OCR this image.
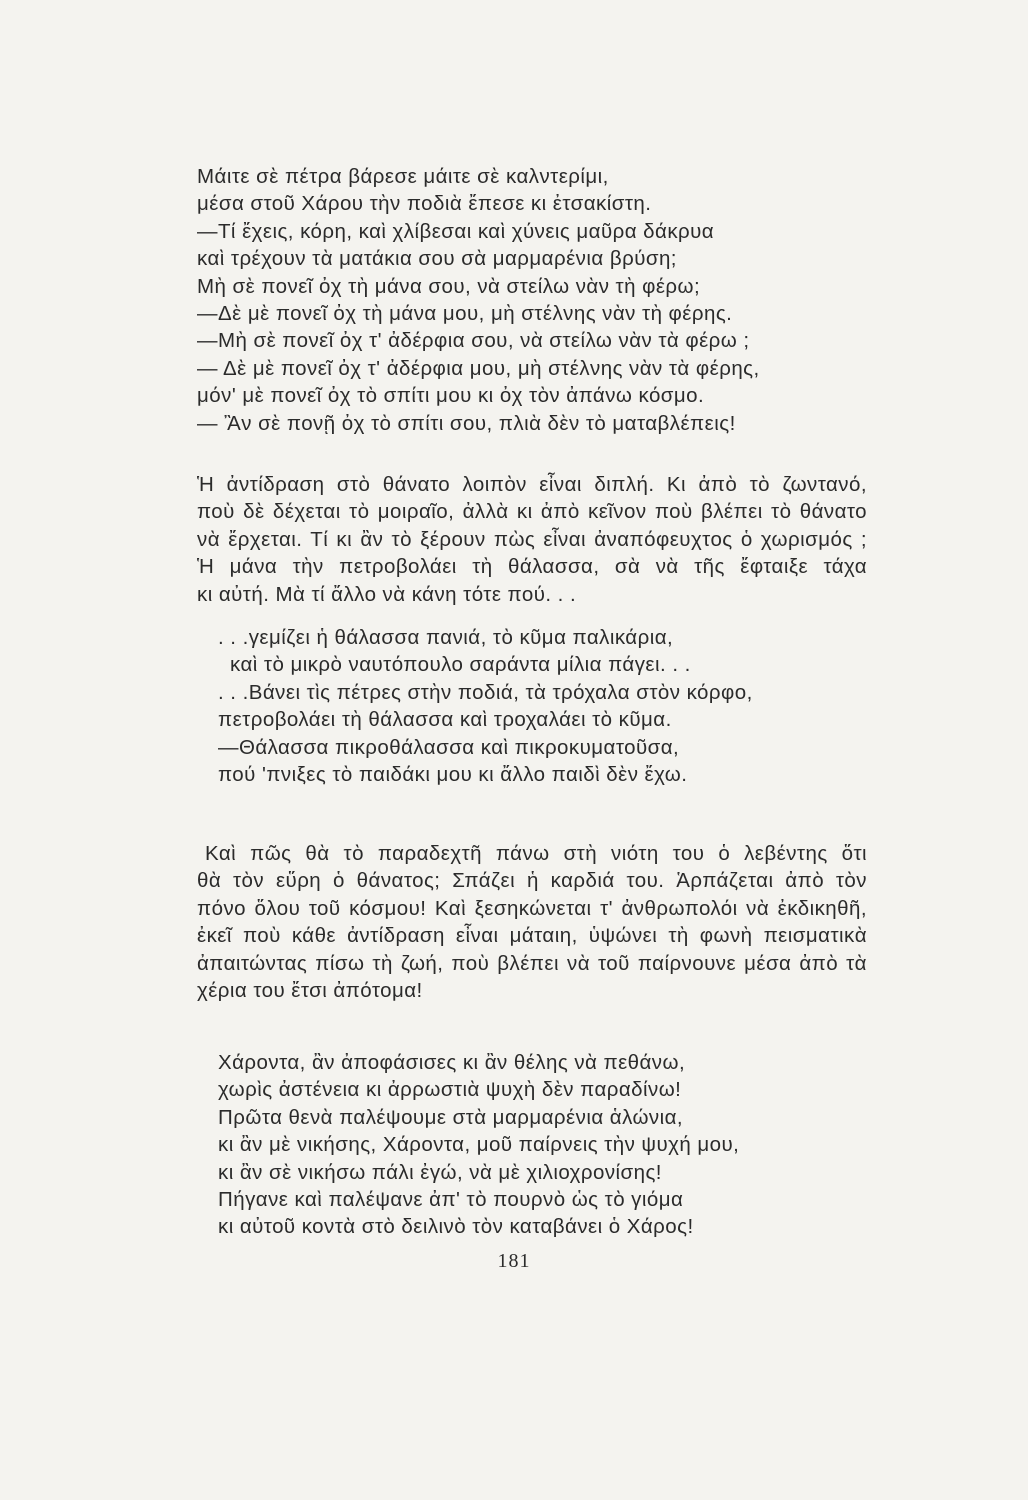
Μάιτε σὲ πέτρα βάρεσε μάιτε σὲ καλντερίμι,
μέσα στοῦ Χάρου τὴν ποδιὰ ἔπεσε κι ἐτσακίστη.
—Τί ἔχεις, κόρη, καὶ χλίβεσαι καὶ χύνεις μαῦρα δάκρυα
καὶ τρέχουν τὰ ματάκια σου σὰ μαρμαρένια βρύση;
Μὴ σὲ πονεῖ ὀχ τὴ μάνα σου, νὰ στείλω νὰν τὴ φέρω;
—Δὲ μὲ πονεῖ ὀχ τὴ μάνα μου, μὴ στέλνης νὰν τὴ φέρης.
—Μὴ σὲ πονεῖ ὀχ τ' ἀδέρφια σου, νὰ στείλω νὰν τὰ φέρω ;
— Δὲ μὲ πονεῖ ὀχ τ' ἀδέρφια μου, μὴ στέλνης νὰν τὰ φέρης,
μόν' μὲ πονεῖ ὀχ τὸ σπίτι μου κι ὀχ τὸν ἀπάνω κόσμο.
— Ἂν σὲ πονῇ ὀχ τὸ σπίτι σου, πλιὰ δὲν τὸ ματαβλέπεις!
Ἡ ἀντίδραση στὸ θάνατο λοιπὸν εἶναι διπλή. Κι ἀπὸ τὸ ζωντανό,
ποὺ δὲ δέχεται τὸ μοιραῖο, ἀλλὰ κι ἀπὸ κεῖνον ποὺ βλέπει τὸ θάνατο
νὰ ἔρχεται. Τί κι ἂν τὸ ξέρουν πὼς εἶναι ἀναπόφευχτος ὁ χωρισμός ;
Ἡ μάνα τὴν πετροβολάει τὴ θάλασσα, σὰ νὰ τῆς ἔφταιξε τάχα
κι αὐτή. Μὰ τί ἄλλο νὰ κάνη τότε πού. . .
. . .γεμίζει ἡ θάλασσα πανιά, τὸ κῦμα παλικάρια,
καὶ τὸ μικρὸ ναυτόπουλο σαράντα μίλια πάγει. . .
. . .Βάνει τὶς πέτρες στὴν ποδιά, τὰ τρόχαλα στὸν κόρφο,
πετροβολάει τὴ θάλασσα καὶ τροχαλάει τὸ κῦμα.
—Θάλασσα πικροθάλασσα καὶ πικροκυματοῦσα,
πού 'πνιξες τὸ παιδάκι μου κι ἄλλο παιδὶ δὲν ἔχω.
Καὶ πῶς θὰ τὸ παραδεχτῆ πάνω στὴ νιότη του ὁ λεβέντης ὅτι
θὰ τὸν εὕρη ὁ θάνατος; Σπάζει ἡ καρδιά του. Ἁρπάζεται ἀπὸ τὸν
πόνο ὅλου τοῦ κόσμου! Καὶ ξεσηκώνεται τ' ἀνθρωπολόι νὰ ἐκδικηθῆ,
ἐκεῖ ποὺ κάθε ἀντίδραση εἶναι μάταιη, ὑψώνει τὴ φωνὴ πεισματικὰ
ἀπαιτώντας πίσω τὴ ζωή, ποὺ βλέπει νὰ τοῦ παίρνουνε μέσα ἀπὸ τὰ
χέρια του ἔτσι ἀπότομα!
Χάροντα, ἂν ἀποφάσισες κι ἂν θέλης νὰ πεθάνω,
χωρὶς ἀστένεια κι ἀρρωστιὰ ψυχὴ δὲν παραδίνω!
Πρῶτα θενὰ παλέψουμε στὰ μαρμαρένια ἁλώνια,
κι ἂν μὲ νικήσης, Χάροντα, μοῦ παίρνεις τὴν ψυχή μου,
κι ἂν σὲ νικήσω πάλι ἐγώ, νὰ μὲ χιλιοχρονίσης!
Πήγανε καὶ παλέψανε ἀπ' τὸ πουρνὸ ὡς τὸ γιόμα
κι αὐτοῦ κοντὰ στὸ δειλινὸ τὸν καταβάνει ὁ Χάρος!
181
